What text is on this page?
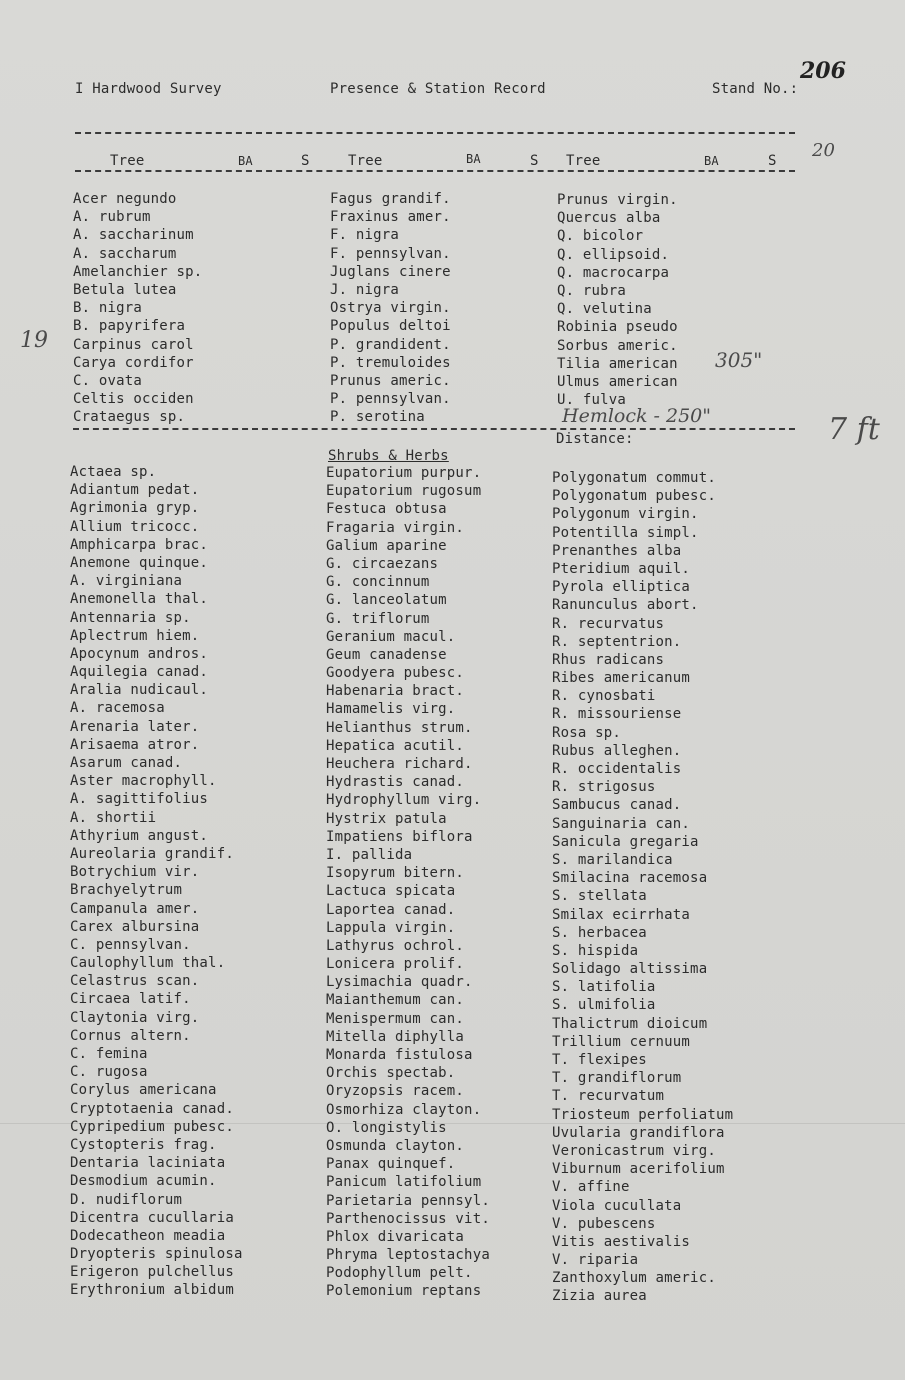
I Hardwood Survey	Presence & Station Record	Stand No.:
206
Tree	BA	S	Tree	BA	S Tree	BA	S 20
19
Acer negundo
A. rubrum
A. saccharinum
A. saccharum
Amelanchier sp.
Betula lutea
B. nigra
B. papyrifera
Carpinus carol
Carya cordifor
C. ovata
Celtis occiden
Crataegus sp.
Fagus grandif.
Fraxinus amer.
F. nigra
F. pennsylvan.
Juglans cinere
J. nigra
Ostrya virgin.
Populus deltoi
P. grandident.
P. tremuloides
Prunus americ.
P. pennsylvan.
P. serotina
Prunus virgin.
Quercus alba
Q. bicolor
Q. ellipsoid.
Q. macrocarpa
Q. rubra
Q. velutina
Robinia pseudo
Sorbus americ.
Tilia american
Ulmus american
U. fulva
305"
Hemlock - 250"	7 ft
Distance:
Shrubs & Herbs
Actaea sp.
Adiantum pedat.
Agrimonia gryp.
Allium tricocc.
Amphicarpa brac.
Anemone quinque.
A. virginiana
Anemonella thal.
Antennaria sp.
Aplectrum hiem.
Apocynum andros.
Aquilegia canad.
Aralia nudicaul.
A. racemosa
Arenaria later.
Arisaema atror.
Asarum canad.
Aster macrophyll.
A. sagittifolius
A. shortii
Athyrium angust.
Aureolaria grandif.
Botrychium vir.
Brachyelytrum
Campanula amer.
Carex albursina
C. pennsylvan.
Caulophyllum thal.
Celastrus scan.
Circaea latif.
Claytonia virg.
Cornus altern.
C. femina
C. rugosa
Corylus americana
Cryptotaenia canad.
Cypripedium pubesc.
Cystopteris frag.
Dentaria laciniata
Desmodium acumin.
D. nudiflorum
Dicentra cucullaria
Dodecatheon meadia
Dryopteris spinulosa
Erigeron pulchellus
Erythronium albidum
Eupatorium purpur.
Eupatorium rugosum
Festuca obtusa
Fragaria virgin.
Galium aparine
G. circaezans
G. concinnum
G. lanceolatum
G. triflorum
Geranium macul.
Geum canadense
Goodyera pubesc.
Habenaria bract.
Hamamelis virg.
Helianthus strum.
Hepatica acutil.
Heuchera richard.
Hydrastis canad.
Hydrophyllum virg.
Hystrix patula
Impatiens biflora
I. pallida
Isopyrum bitern.
Lactuca spicata
Laportea canad.
Lappula virgin.
Lathyrus ochrol.
Lonicera prolif.
Lysimachia quadr.
Maianthemum can.
Menispermum can.
Mitella diphylla
Monarda fistulosa
Orchis spectab.
Oryzopsis racem.
Osmorhiza clayton.
O. longistylis
Osmunda clayton.
Panax quinquef.
Panicum latifolium
Parietaria pennsyl.
Parthenocissus vit.
Phlox divaricata
Phryma leptostachya
Podophyllum pelt.
Polemonium reptans
Polygonatum commut.
Polygonatum pubesc.
Polygonum virgin.
Potentilla simpl.
Prenanthes alba
Pteridium aquil.
Pyrola elliptica
Ranunculus abort.
R. recurvatus
R. septentrion.
Rhus radicans
Ribes americanum
R. cynosbati
R. missouriense
Rosa sp.
Rubus alleghen.
R. occidentalis
R. strigosus
Sambucus canad.
Sanguinaria can.
Sanicula gregaria
S. marilandica
Smilacina racemosa
S. stellata
Smilax ecirrhata
S. herbacea
S. hispida
Solidago altissima
S. latifolia
S. ulmifolia
Thalictrum dioicum
Trillium cernuum
T. flexipes
T. grandiflorum
T. recurvatum
Triosteum perfoliatum
Uvularia grandiflora
Veronicastrum virg.
Viburnum acerifolium
V. affine
Viola cucullata
V. pubescens
Vitis aestivalis
V. riparia
Zanthoxylum americ.
Zizia aurea
